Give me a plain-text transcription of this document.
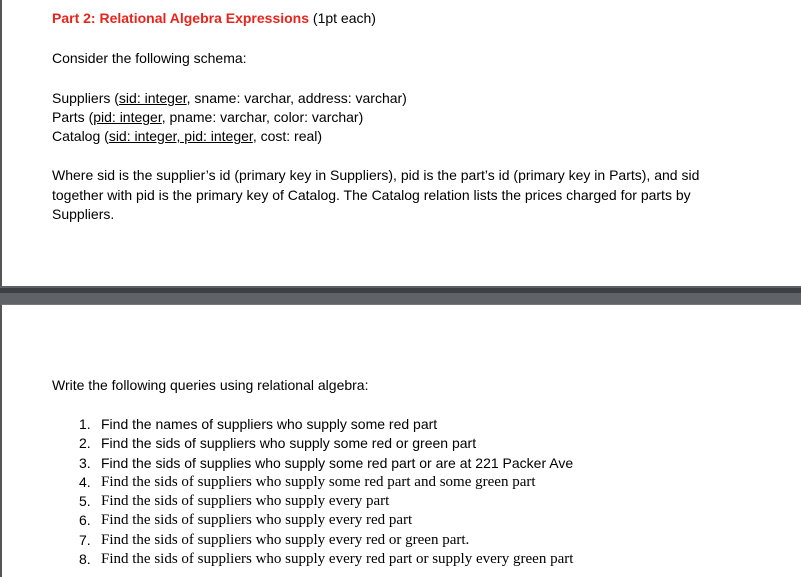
Part 2: Relational Algebra Expressions (1pt each)
Consider the following schema:
Suppliers (sid: integer, sname: varchar, address: varchar)
Parts (pid: integer, pname: varchar, color: varchar)
Catalog (sid: integer, pid: integer, cost: real)
Where sid is the supplier’s id (primary key in Suppliers), pid is the part’s id (primary key in Parts), and sid together with pid is the primary key of Catalog. The Catalog relation lists the prices charged for parts by Suppliers.
Write the following queries using relational algebra:
1. Find the names of suppliers who supply some red part
2. Find the sids of suppliers who supply some red or green part
3. Find the sids of supplies who supply some red part or are at 221 Packer Ave
4. Find the sids of suppliers who supply some red part and some green part
5. Find the sids of suppliers who supply every part
6. Find the sids of suppliers who supply every red part
7. Find the sids of suppliers who supply every red or green part.
8. Find the sids of suppliers who supply every red part or supply every green part
